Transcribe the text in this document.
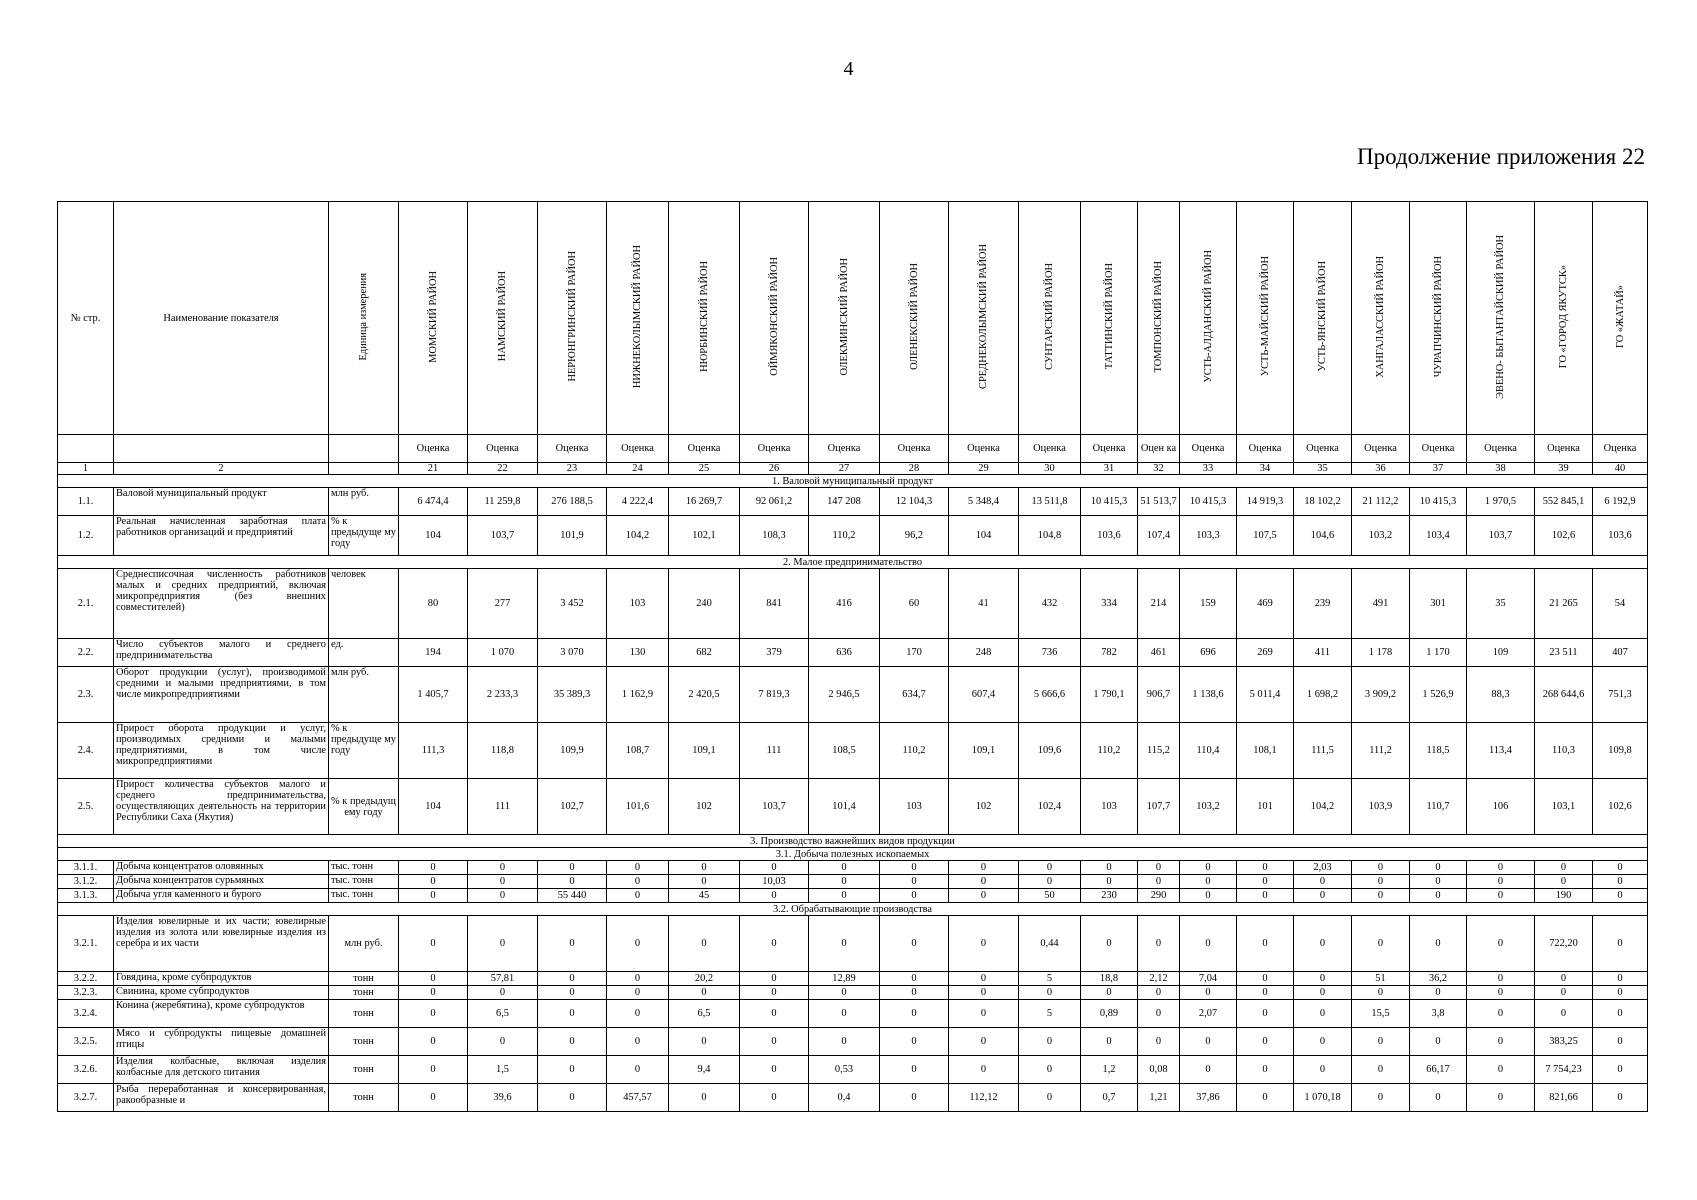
4
Продолжение приложения 22
№ стр.	Наименование показателя	Единица измерения	МОМСКИЙ РАЙОН	НАМСКИЙ РАЙОН	НЕРЮНГРИНСКИЙ РАЙОН	НИЖНЕКОЛЫМСКИЙ РАЙОН	НЮРБИНСКИЙ РАЙОН	ОЙМЯКОНСКИЙ РАЙОН	ОЛЕКМИНСКИЙ РАЙОН	ОЛЕНЕКСКИЙ РАЙОН	СРЕДНЕКОЛЫМСКИЙ РАЙОН	СУНТАРСКИЙ РАЙОН	ТАТТИНСКИЙ РАЙОН	ТОМПОНСКИЙ РАЙОН	УСТЬ-АЛДАНСКИЙ РАЙОН	УСТЬ-МАЙСКИЙ РАЙОН	УСТЬ-ЯНСКИЙ РАЙОН	ХАНГАЛАССКИЙ РАЙОН	ЧУРАПЧИНСКИЙ РАЙОН	ЭВЕНО- БЫТАНТАЙСКИЙ РАЙОН	ГО «ГОРОД ЯКУТСК»	ГО «ЖАТАЙ»
			Оценка	Оценка	Оценка	Оценка	Оценка	Оценка	Оценка	Оценка	Оценка	Оценка	Оценка	Оцен ка	Оценка	Оценка	Оценка	Оценка	Оценка	Оценка	Оценка	Оценка
1	2		21	22	23	24	25	26	27	28	29	30	31	32	33	34	35	36	37	38	39	40
1. Валовой муниципальный продукт																						
1.1.	Валовой муниципальный продукт	млн руб.	6 474,4	11 259,8	276 188,5	4 222,4	16 269,7	92 061,2	147 208	12 104,3	5 348,4	13 511,8	10 415,3	51 513,7	10 415,3	14 919,3	18 102,2	21 112,2	10 415,3	1 970,5	552 845,1	6 192,9
1.2.	Реальная начисленная заработная плата работников организаций и предприятий	% к предыдуще му году	104	103,7	101,9	104,2	102,1	108,3	110,2	96,2	104	104,8	103,6	107,4	103,3	107,5	104,6	103,2	103,4	103,7	102,6	103,6
2. Малое предпринимательство																						
2.1.	Среднесписочная численность работников малых и средних предприятий, включая микропредприятия (без внешних совместителей)	человек	80	277	3 452	103	240	841	416	60	41	432	334	214	159	469	239	491	301	35	21 265	54
2.2.	Число субъектов малого и среднего предпринимательства	ед.	194	1 070	3 070	130	682	379	636	170	248	736	782	461	696	269	411	1 178	1 170	109	23 511	407
2.3.	Оборот продукции (услуг), производимой средними и малыми предприятиями, в том числе микропредприятиями	млн руб.	1 405,7	2 233,3	35 389,3	1 162,9	2 420,5	7 819,3	2 946,5	634,7	607,4	5 666,6	1 790,1	906,7	1 138,6	5 011,4	1 698,2	3 909,2	1 526,9	88,3	268 644,6	751,3
2.4.	Прирост оборота продукции и услуг, производимых средними и малыми предприятиями, в том числе микропредприятиями	% к предыдуще му году	111,3	118,8	109,9	108,7	109,1	111	108,5	110,2	109,1	109,6	110,2	115,2	110,4	108,1	111,5	111,2	118,5	113,4	110,3	109,8
2.5.	Прирост количества субъектов малого и среднего предпринимательства, осуществляющих деятельность на территории Республики Саха (Якутия)	% к предыдущ ему году	104	111	102,7	101,6	102	103,7	101,4	103	102	102,4	103	107,7	103,2	101	104,2	103,9	110,7	106	103,1	102,6
3. Производство важнейших видов продукции																						
3.1. Добыча полезных ископаемых																						
3.1.1.	Добыча концентратов оловянных	тыс. тонн	0	0	0	0	0	0	0	0	0	0	0	0	0	0	2,03	0	0	0	0	0
3.1.2.	Добыча концентратов сурьмяных	тыс. тонн	0	0	0	0	0	10,03	0	0	0	0	0	0	0	0	0	0	0	0	0	0
3.1.3.	Добыча угля каменного и бурого	тыс. тонн	0	0	55 440	0	45	0	0	0	0	50	230	290	0	0	0	0	0	0	190	0
3.2. Обрабатывающие производства																						
3.2.1.	Изделия ювелирные и их части; ювелирные изделия из золота или ювелирные изделия из серебра и их части	млн руб.	0	0	0	0	0	0	0	0	0	0,44	0	0	0	0	0	0	0	0	722,20	0
3.2.2.	Говядина, кроме субпродуктов	тонн	0	57,81	0	0	20,2	0	12,89	0	0	5	18,8	2,12	7,04	0	0	51	36,2	0	0	0
3.2.3.	Свинина, кроме субпродуктов	тонн	0	0	0	0	0	0	0	0	0	0	0	0	0	0	0	0	0	0	0	0
3.2.4.	Конина (жеребятина), кроме субпродуктов	тонн	0	6,5	0	0	6,5	0	0	0	0	5	0,89	0	2,07	0	0	15,5	3,8	0	0	0
3.2.5.	Мясо и субпродукты пищевые домашней птицы	тонн	0	0	0	0	0	0	0	0	0	0	0	0	0	0	0	0	0	0	383,25	0
3.2.6.	Изделия колбасные, включая изделия колбасные для детского питания	тонн	0	1,5	0	0	9,4	0	0,53	0	0	0	1,2	0,08	0	0	0	0	66,17	0	7 754,23	0
3.2.7.	Рыба переработанная и консервированная, ракообразные и	тонн	0	39,6	0	457,57	0	0	0,4	0	112,12	0	0,7	1,21	37,86	0	1 070,18	0	0	0	821,66	0
